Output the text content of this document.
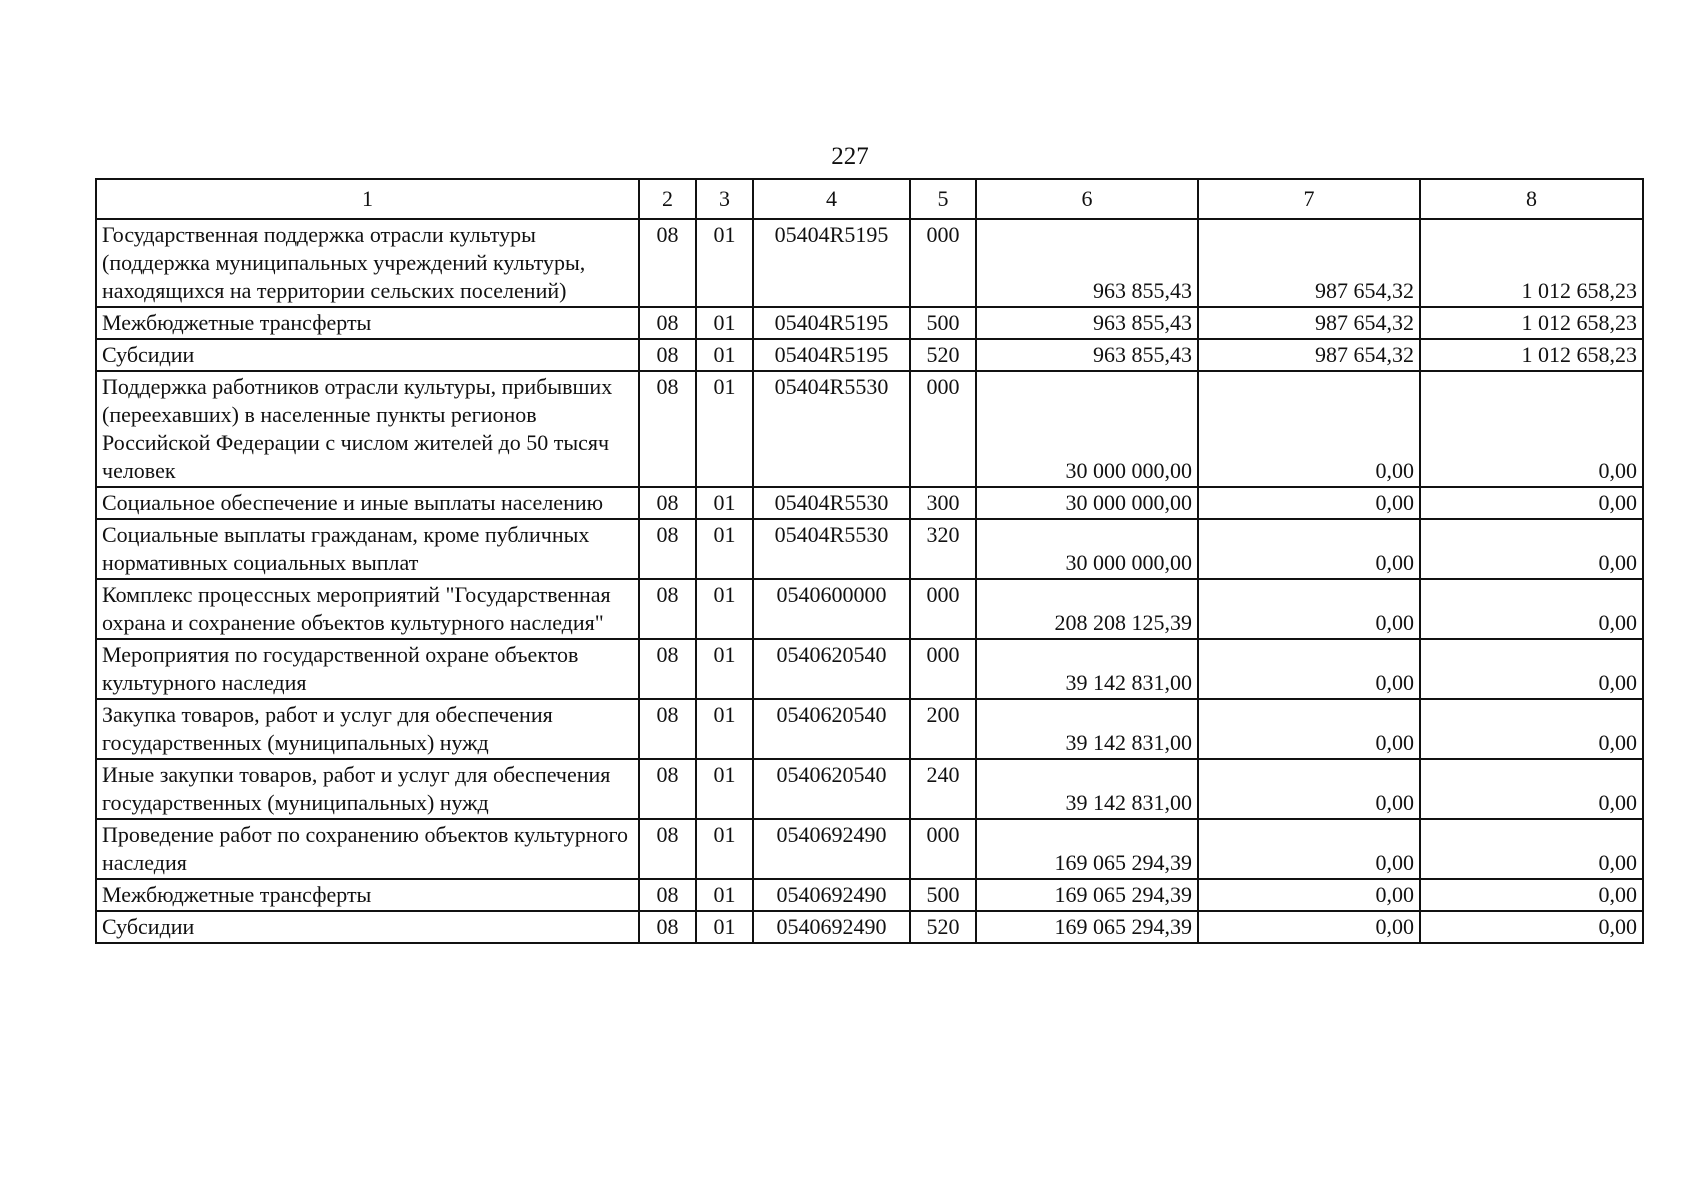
227
1	2	3	4	5	6	7	8
Государственная поддержка отрасли культуры (поддержка муниципальных учреждений культуры, находящихся на территории сельских поселений)	08	01	05404R5195	000	963 855,43	987 654,32	1 012 658,23
Межбюджетные трансферты	08	01	05404R5195	500	963 855,43	987 654,32	1 012 658,23
Субсидии	08	01	05404R5195	520	963 855,43	987 654,32	1 012 658,23
Поддержка работников отрасли культуры, прибывших (переехавших) в населенные пункты регионов Российской Федерации с числом жителей до 50 тысяч человек	08	01	05404R5530	000	30 000 000,00	0,00	0,00
Социальное обеспечение и иные выплаты населению	08	01	05404R5530	300	30 000 000,00	0,00	0,00
Социальные выплаты гражданам, кроме публичных нормативных социальных выплат	08	01	05404R5530	320	30 000 000,00	0,00	0,00
Комплекс процессных мероприятий "Государственная охрана и сохранение объектов культурного наследия"	08	01	0540600000	000	208 208 125,39	0,00	0,00
Мероприятия по государственной охране объектов культурного наследия	08	01	0540620540	000	39 142 831,00	0,00	0,00
Закупка товаров, работ и услуг для обеспечения государственных (муниципальных) нужд	08	01	0540620540	200	39 142 831,00	0,00	0,00
Иные закупки товаров, работ и услуг для обеспечения государственных (муниципальных) нужд	08	01	0540620540	240	39 142 831,00	0,00	0,00
Проведение работ по сохранению объектов культурного наследия	08	01	0540692490	000	169 065 294,39	0,00	0,00
Межбюджетные трансферты	08	01	0540692490	500	169 065 294,39	0,00	0,00
Субсидии	08	01	0540692490	520	169 065 294,39	0,00	0,00
